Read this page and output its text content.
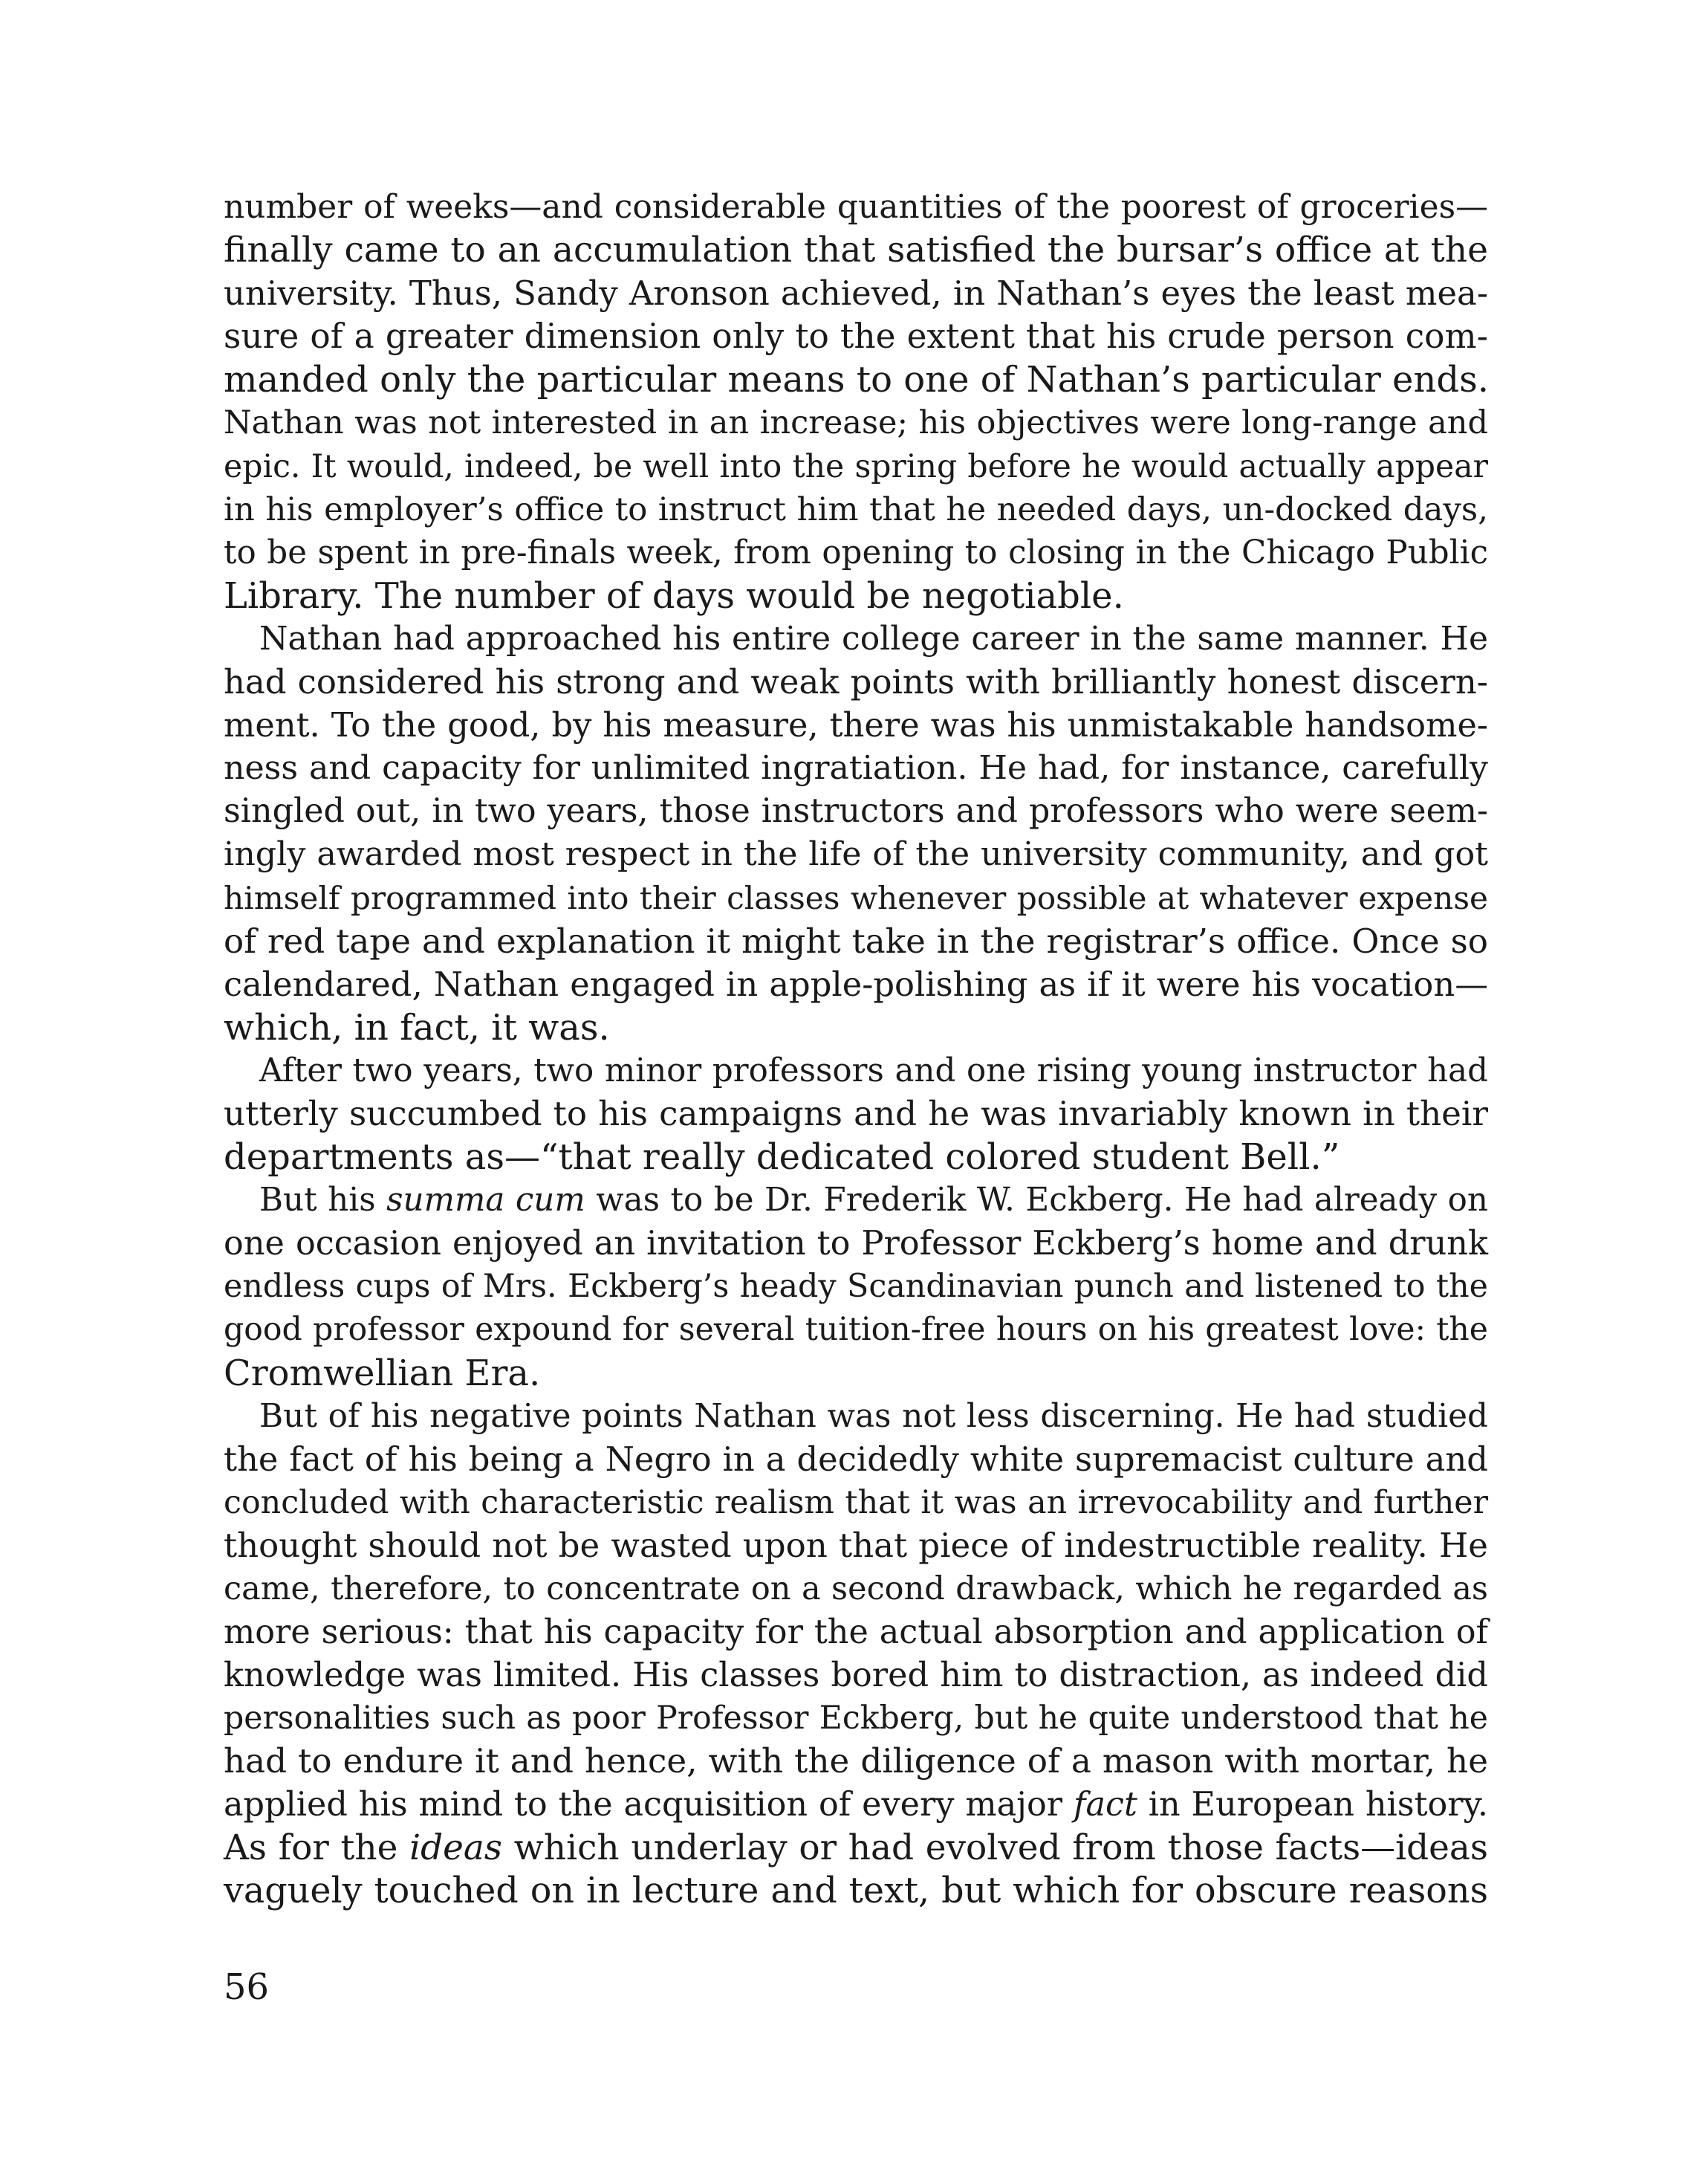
number of weeks—and considerable quantities of the poorest of groceries—
finally came to an accumulation that satisfied the bursar’s office at the
university. Thus, Sandy Aronson achieved, in Nathan’s eyes the least mea-
sure of a greater dimension only to the extent that his crude person com-
manded only the particular means to one of Nathan’s particular ends.
Nathan was not interested in an increase; his objectives were long-range and
epic. It would, indeed, be well into the spring before he would actually appear
in his employer’s office to instruct him that he needed days, un-docked days,
to be spent in pre-finals week, from opening to closing in the Chicago Public
Library. The number of days would be negotiable.
Nathan had approached his entire college career in the same manner. He
had considered his strong and weak points with brilliantly honest discern-
ment. To the good, by his measure, there was his unmistakable handsome-
ness and capacity for unlimited ingratiation. He had, for instance, carefully
singled out, in two years, those instructors and professors who were seem-
ingly awarded most respect in the life of the university community, and got
himself programmed into their classes whenever possible at whatever expense
of red tape and explanation it might take in the registrar’s office. Once so
calendared, Nathan engaged in apple-polishing as if it were his vocation—
which, in fact, it was.
After two years, two minor professors and one rising young instructor had
utterly succumbed to his campaigns and he was invariably known in their
departments as—“that really dedicated colored student Bell.”
But his summa cum was to be Dr. Frederik W. Eckberg. He had already on
one occasion enjoyed an invitation to Professor Eckberg’s home and drunk
endless cups of Mrs. Eckberg’s heady Scandinavian punch and listened to the
good professor expound for several tuition-free hours on his greatest love: the
Cromwellian Era.
But of his negative points Nathan was not less discerning. He had studied
the fact of his being a Negro in a decidedly white supremacist culture and
concluded with characteristic realism that it was an irrevocability and further
thought should not be wasted upon that piece of indestructible reality. He
came, therefore, to concentrate on a second drawback, which he regarded as
more serious: that his capacity for the actual absorption and application of
knowledge was limited. His classes bored him to distraction, as indeed did
personalities such as poor Professor Eckberg, but he quite understood that he
had to endure it and hence, with the diligence of a mason with mortar, he
applied his mind to the acquisition of every major fact in European history.
As for the ideas which underlay or had evolved from those facts—ideas
vaguely touched on in lecture and text, but which for obscure reasons
56
